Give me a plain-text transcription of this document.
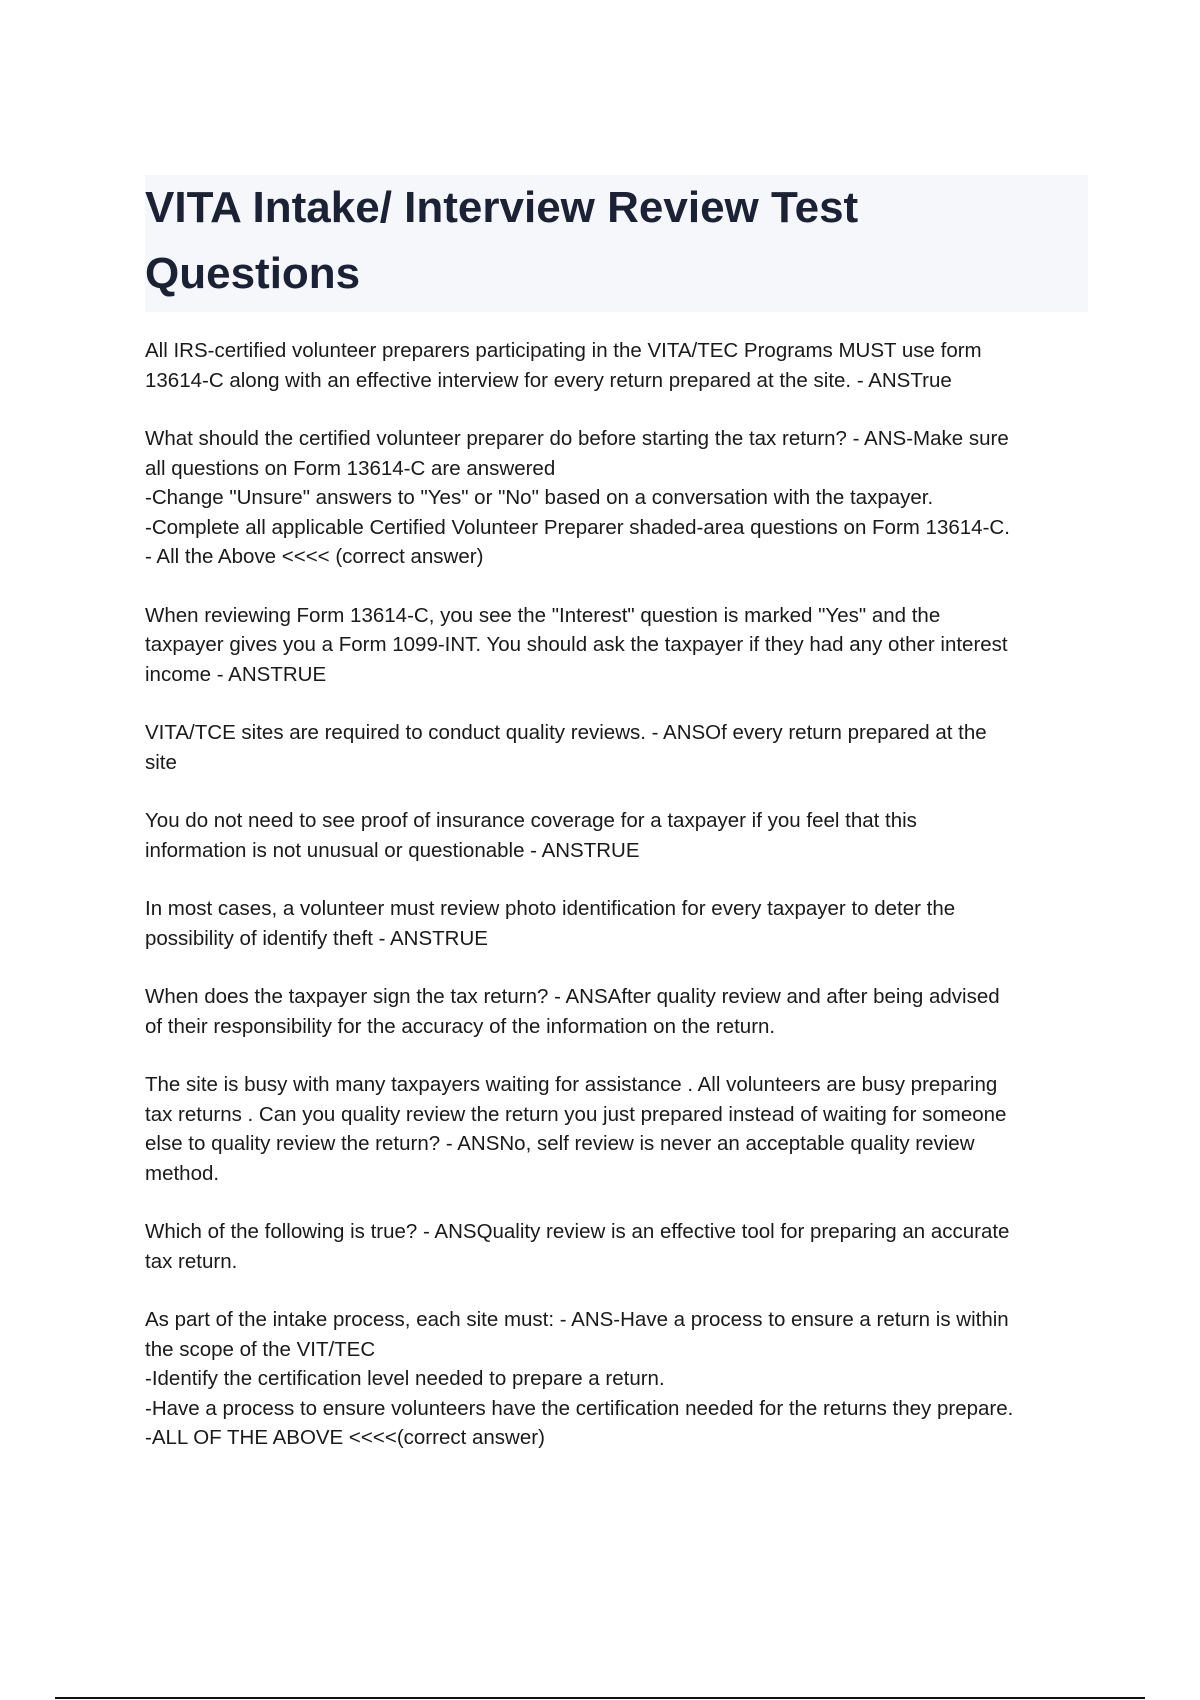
VITA Intake/ Interview Review Test
Questions

All IRS-certified volunteer preparers participating in the VITA/TEC Programs MUST use form
13614-C along with an effective interview for every return prepared at the site. - ANSTrue

What should the certified volunteer preparer do before starting the tax return? - ANS-Make sure
all questions on Form 13614-C are answered
-Change "Unsure" answers to "Yes" or "No" based on a conversation with the taxpayer.
-Complete all applicable Certified Volunteer Preparer shaded-area questions on Form 13614-C.
- All the Above <<<< (correct answer)

When reviewing Form 13614-C, you see the "Interest" question is marked "Yes" and the
taxpayer gives you a Form 1099-INT. You should ask the taxpayer if they had any other interest
income - ANSTRUE

VITA/TCE sites are required to conduct quality reviews. - ANSOf every return prepared at the
site

You do not need to see proof of insurance coverage for a taxpayer if you feel that this
information is not unusual or questionable - ANSTRUE

In most cases, a volunteer must review photo identification for every taxpayer to deter the
possibility of identify theft - ANSTRUE

When does the taxpayer sign the tax return? - ANSAfter quality review and after being advised
of their responsibility for the accuracy of the information on the return.

The site is busy with many taxpayers waiting for assistance . All volunteers are busy preparing
tax returns . Can you quality review the return you just prepared instead of waiting for someone
else to quality review the return? - ANSNo, self review is never an acceptable quality review
method.

Which of the following is true? - ANSQuality review is an effective tool for preparing an accurate
tax return.

As part of the intake process, each site must: - ANS-Have a process to ensure a return is within
the scope of the VIT/TEC
-Identify the certification level needed to prepare a return.
-Have a process to ensure volunteers have the certification needed for the returns they prepare.
-ALL OF THE ABOVE <<<<(correct answer)
